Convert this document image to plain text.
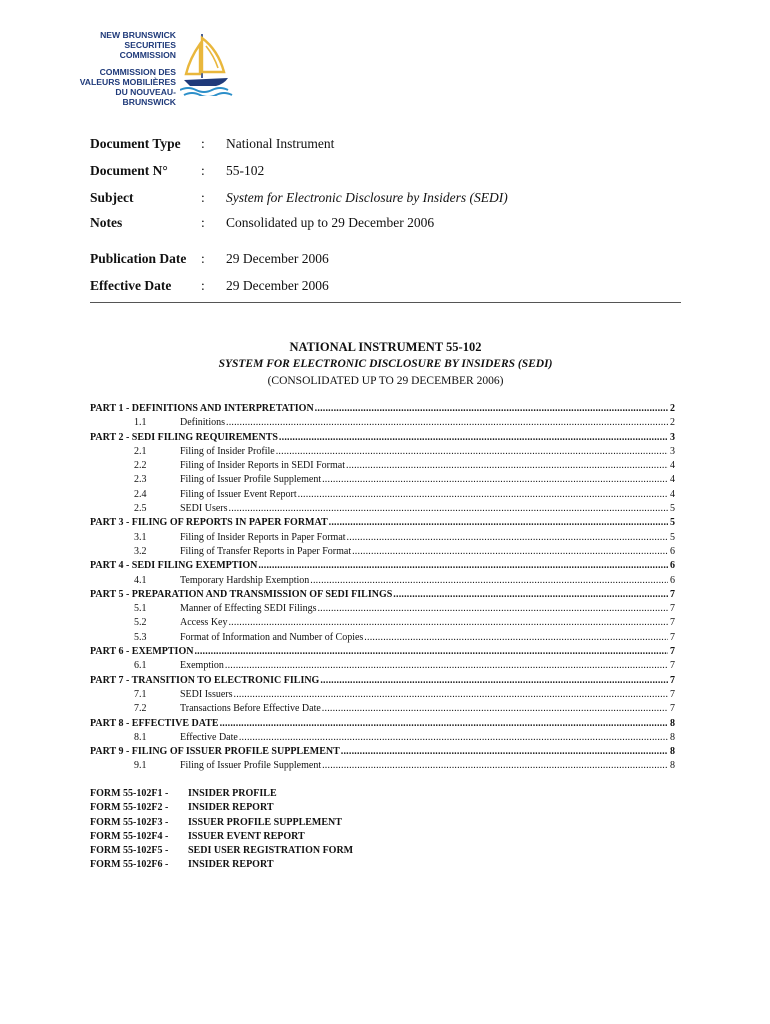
NEW BRUNSWICK
SECURITIES COMMISSION
COMMISSION DES
VALEURS MOBILIÈRES
DU NOUVEAU-BRUNSWICK
Document Type : National Instrument
Document N° : 55-102
Subject	: System for Electronic Disclosure by Insiders (SEDI)
Notes	: Consolidated up to 29 December 2006
Publication Date : 29 December 2006
Effective Date : 29 December 2006
NATIONAL INSTRUMENT 55-102
SYSTEM FOR ELECTRONIC DISCLOSURE BY INSIDERS (SEDI)
(CONSOLIDATED UP TO 29 DECEMBER 2006)
PART 1 - DEFINITIONS AND INTERPRETATION .....	2
1.1	Definitions .....	2
PART 2 - SEDI FILING REQUIREMENTS .....	3
2.1	Filing of Insider Profile .....	3
2.2	Filing of Insider Reports in SEDI Format .....	4
2.3	Filing of Issuer Profile Supplement .....	4
2.4	Filing of Issuer Event Report .....	4
2.5	SEDI Users .....	5
PART 3 - FILING OF REPORTS IN PAPER FORMAT .....	5
3.1	Filing of Insider Reports in Paper Format .....	5
3.2	Filing of Transfer Reports in Paper Format .....	6
PART 4 - SEDI FILING EXEMPTION .....	6
4.1	Temporary Hardship Exemption .....	6
PART 5 - PREPARATION AND TRANSMISSION OF SEDI FILINGS .....	7
5.1	Manner of Effecting SEDI Filings .....	7
5.2	Access Key .....	7
5.3	Format of Information and Number of Copies .....	7
PART 6 - EXEMPTION .....	7
6.1	Exemption .....	7
PART 7 - TRANSITION TO ELECTRONIC FILING .....	7
7.1	SEDI Issuers .....	7
7.2	Transactions Before Effective Date .....	7
PART 8 - EFFECTIVE DATE .....	8
8.1	Effective Date .....	8
PART 9 - FILING OF ISSUER PROFILE SUPPLEMENT .....	8
9.1	Filing of Issuer Profile Supplement .....	8
FORM 55-102F1 - INSIDER PROFILE
FORM 55-102F2 - INSIDER REPORT
FORM 55-102F3 - ISSUER PROFILE SUPPLEMENT
FORM 55-102F4 - ISSUER EVENT REPORT
FORM 55-102F5 - SEDI USER REGISTRATION FORM
FORM 55-102F6 - INSIDER REPORT
